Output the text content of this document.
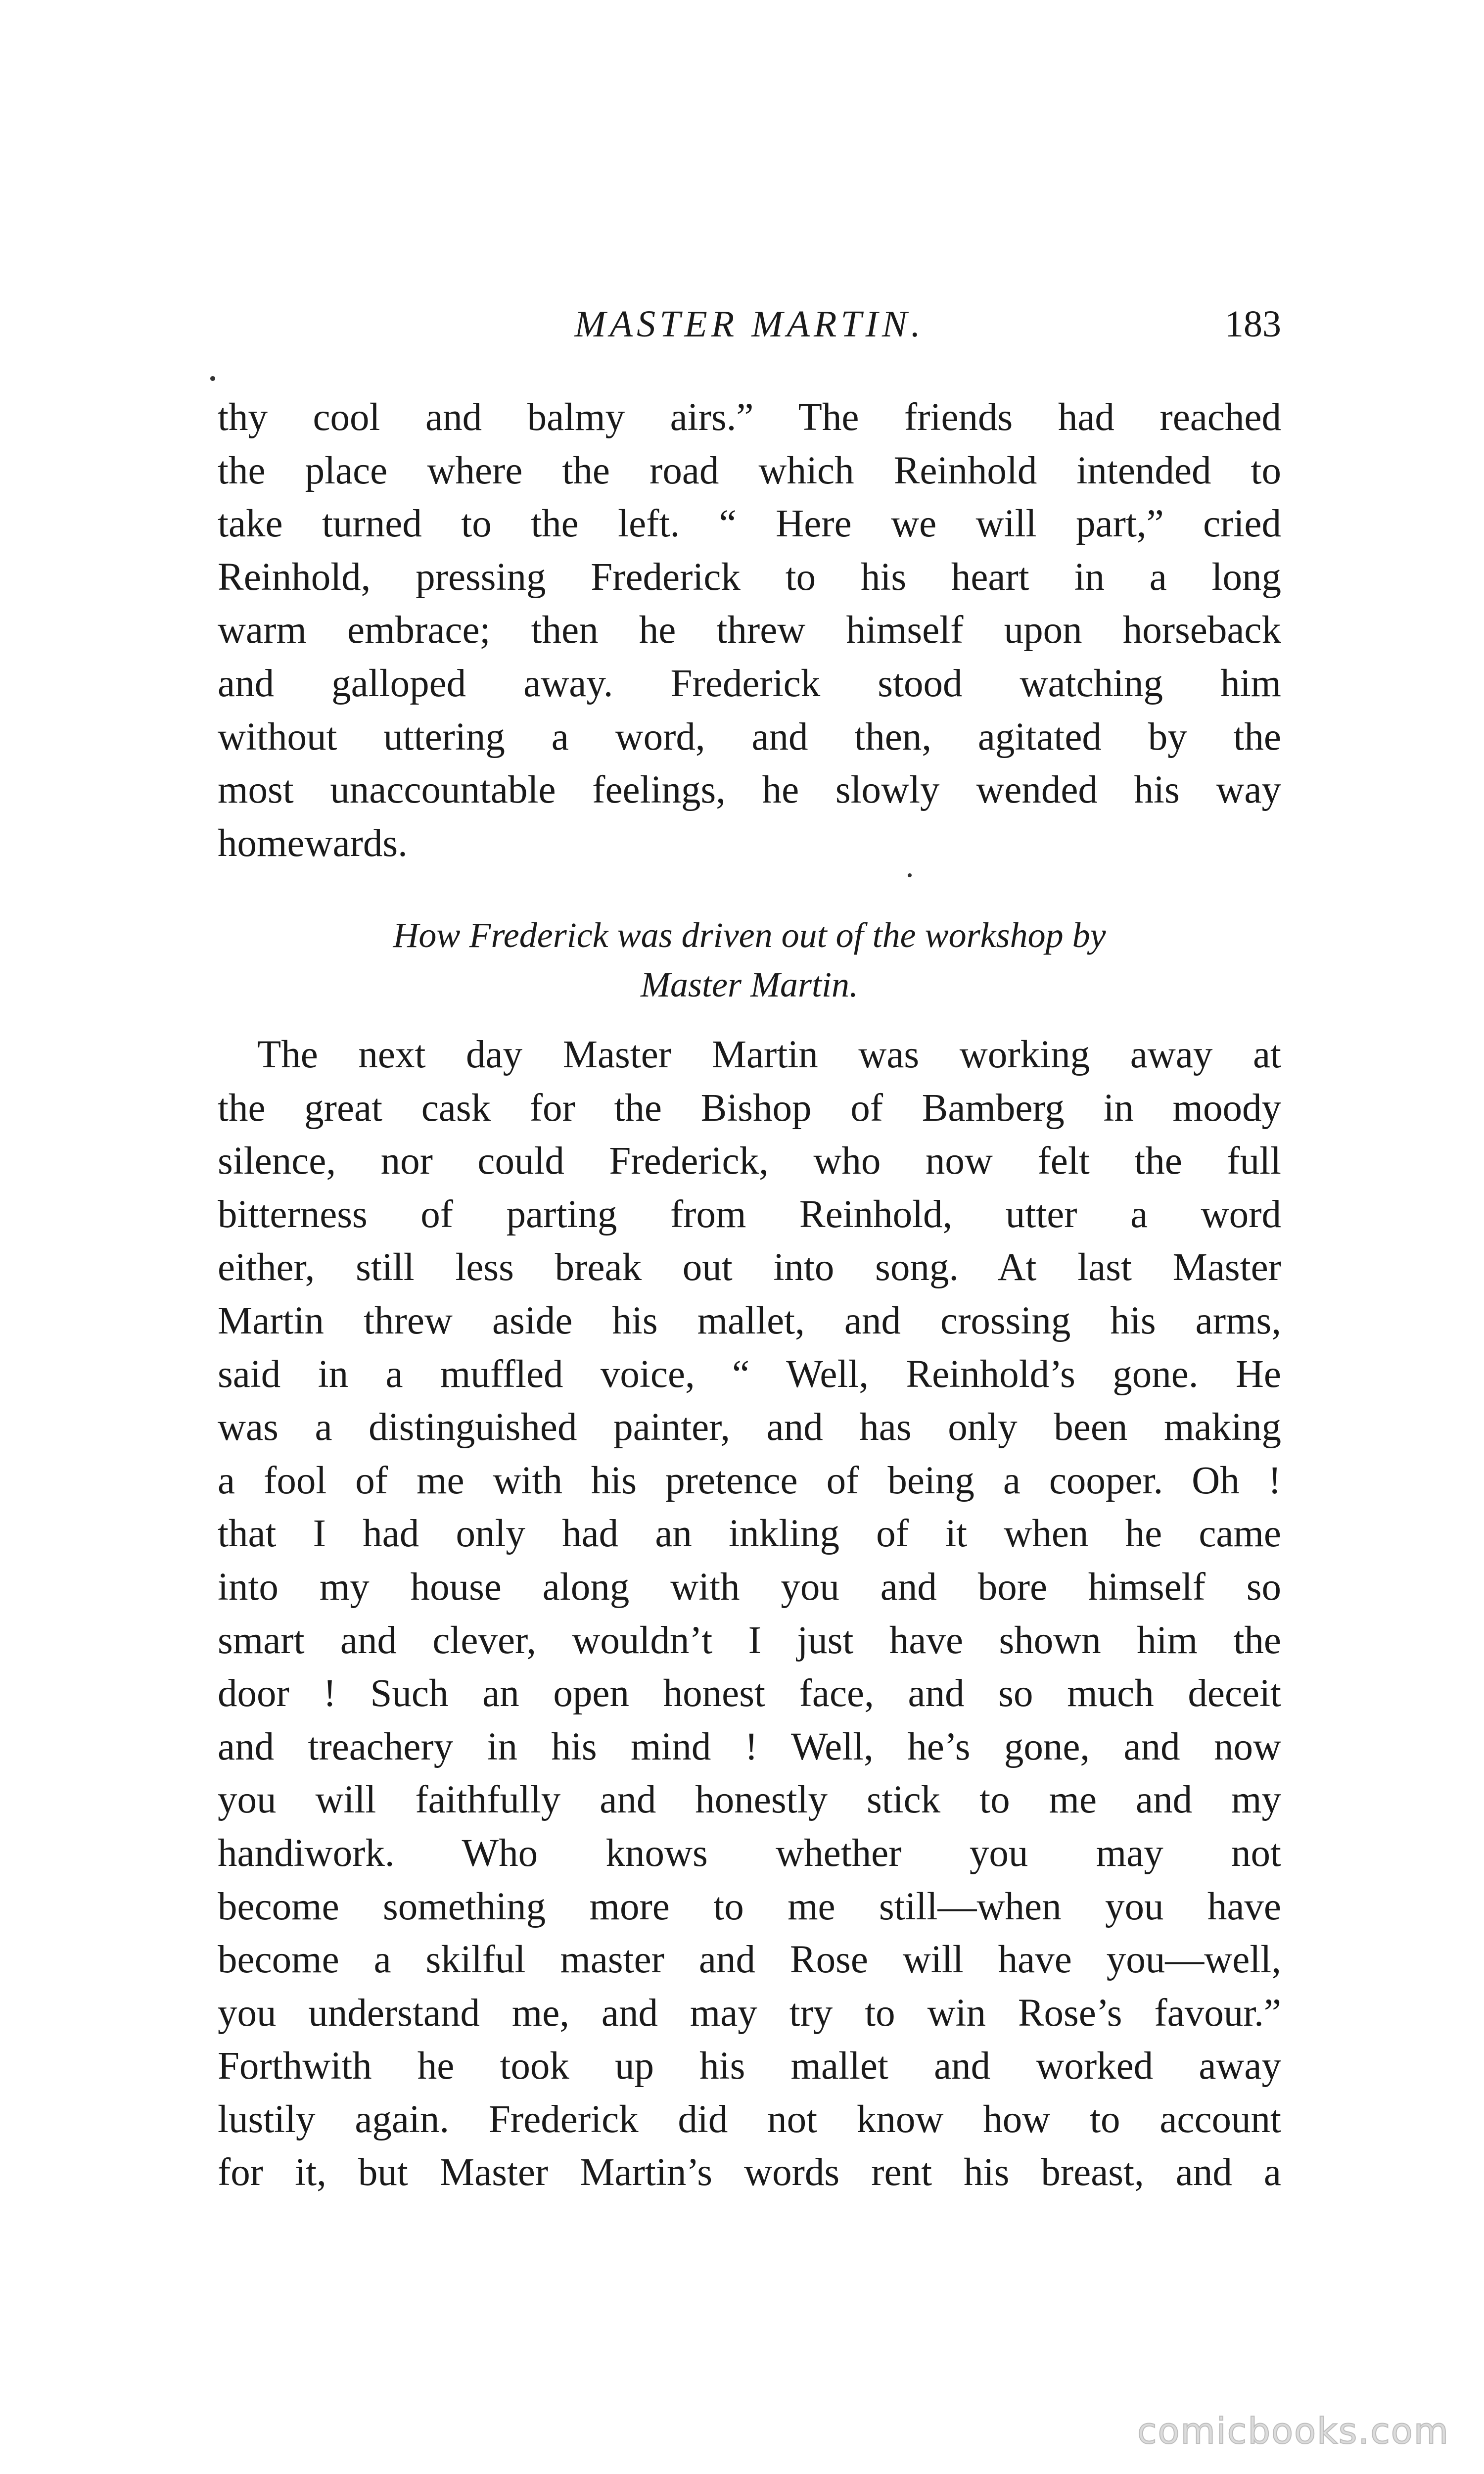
MASTER MARTIN.	183
thy cool and balmy airs.” The friends had reached
the place where the road which Reinhold intended to
take turned to the left. “ Here we will part,” cried
Reinhold, pressing Frederick to his heart in a long
warm embrace; then he threw himself upon horseback
and galloped away. Frederick stood watching him
without uttering a word, and then, agitated by the
most unaccountable feelings, he slowly wended his way
homewards.
How Frederick was driven out of the workshop by
Master Martin.
The next day Master Martin was working away at
the great cask for the Bishop of Bamberg in moody
silence, nor could Frederick, who now felt the full
bitterness of parting from Reinhold, utter a word
either, still less break out into song. At last Master
Martin threw aside his mallet, and crossing his arms,
said in a muffled voice, “ Well, Reinhold’s gone. He
was a distinguished painter, and has only been making
a fool of me with his pretence of being a cooper. Oh !
that I had only had an inkling of it when he came
into my house along with you and bore himself so
smart and clever, wouldn’t I just have shown him the
door ! Such an open honest face, and so much deceit
and treachery in his mind ! Well, he’s gone, and now
you will faithfully and honestly stick to me and my
handiwork. Who knows whether you may not
become something more to me still—when you have
become a skilful master and Rose will have you—well,
you understand me, and may try to win Rose’s favour.”
Forthwith he took up his mallet and worked away
lustily again. Frederick did not know how to account
for it, but Master Martin’s words rent his breast, and a
comicbooks.com
